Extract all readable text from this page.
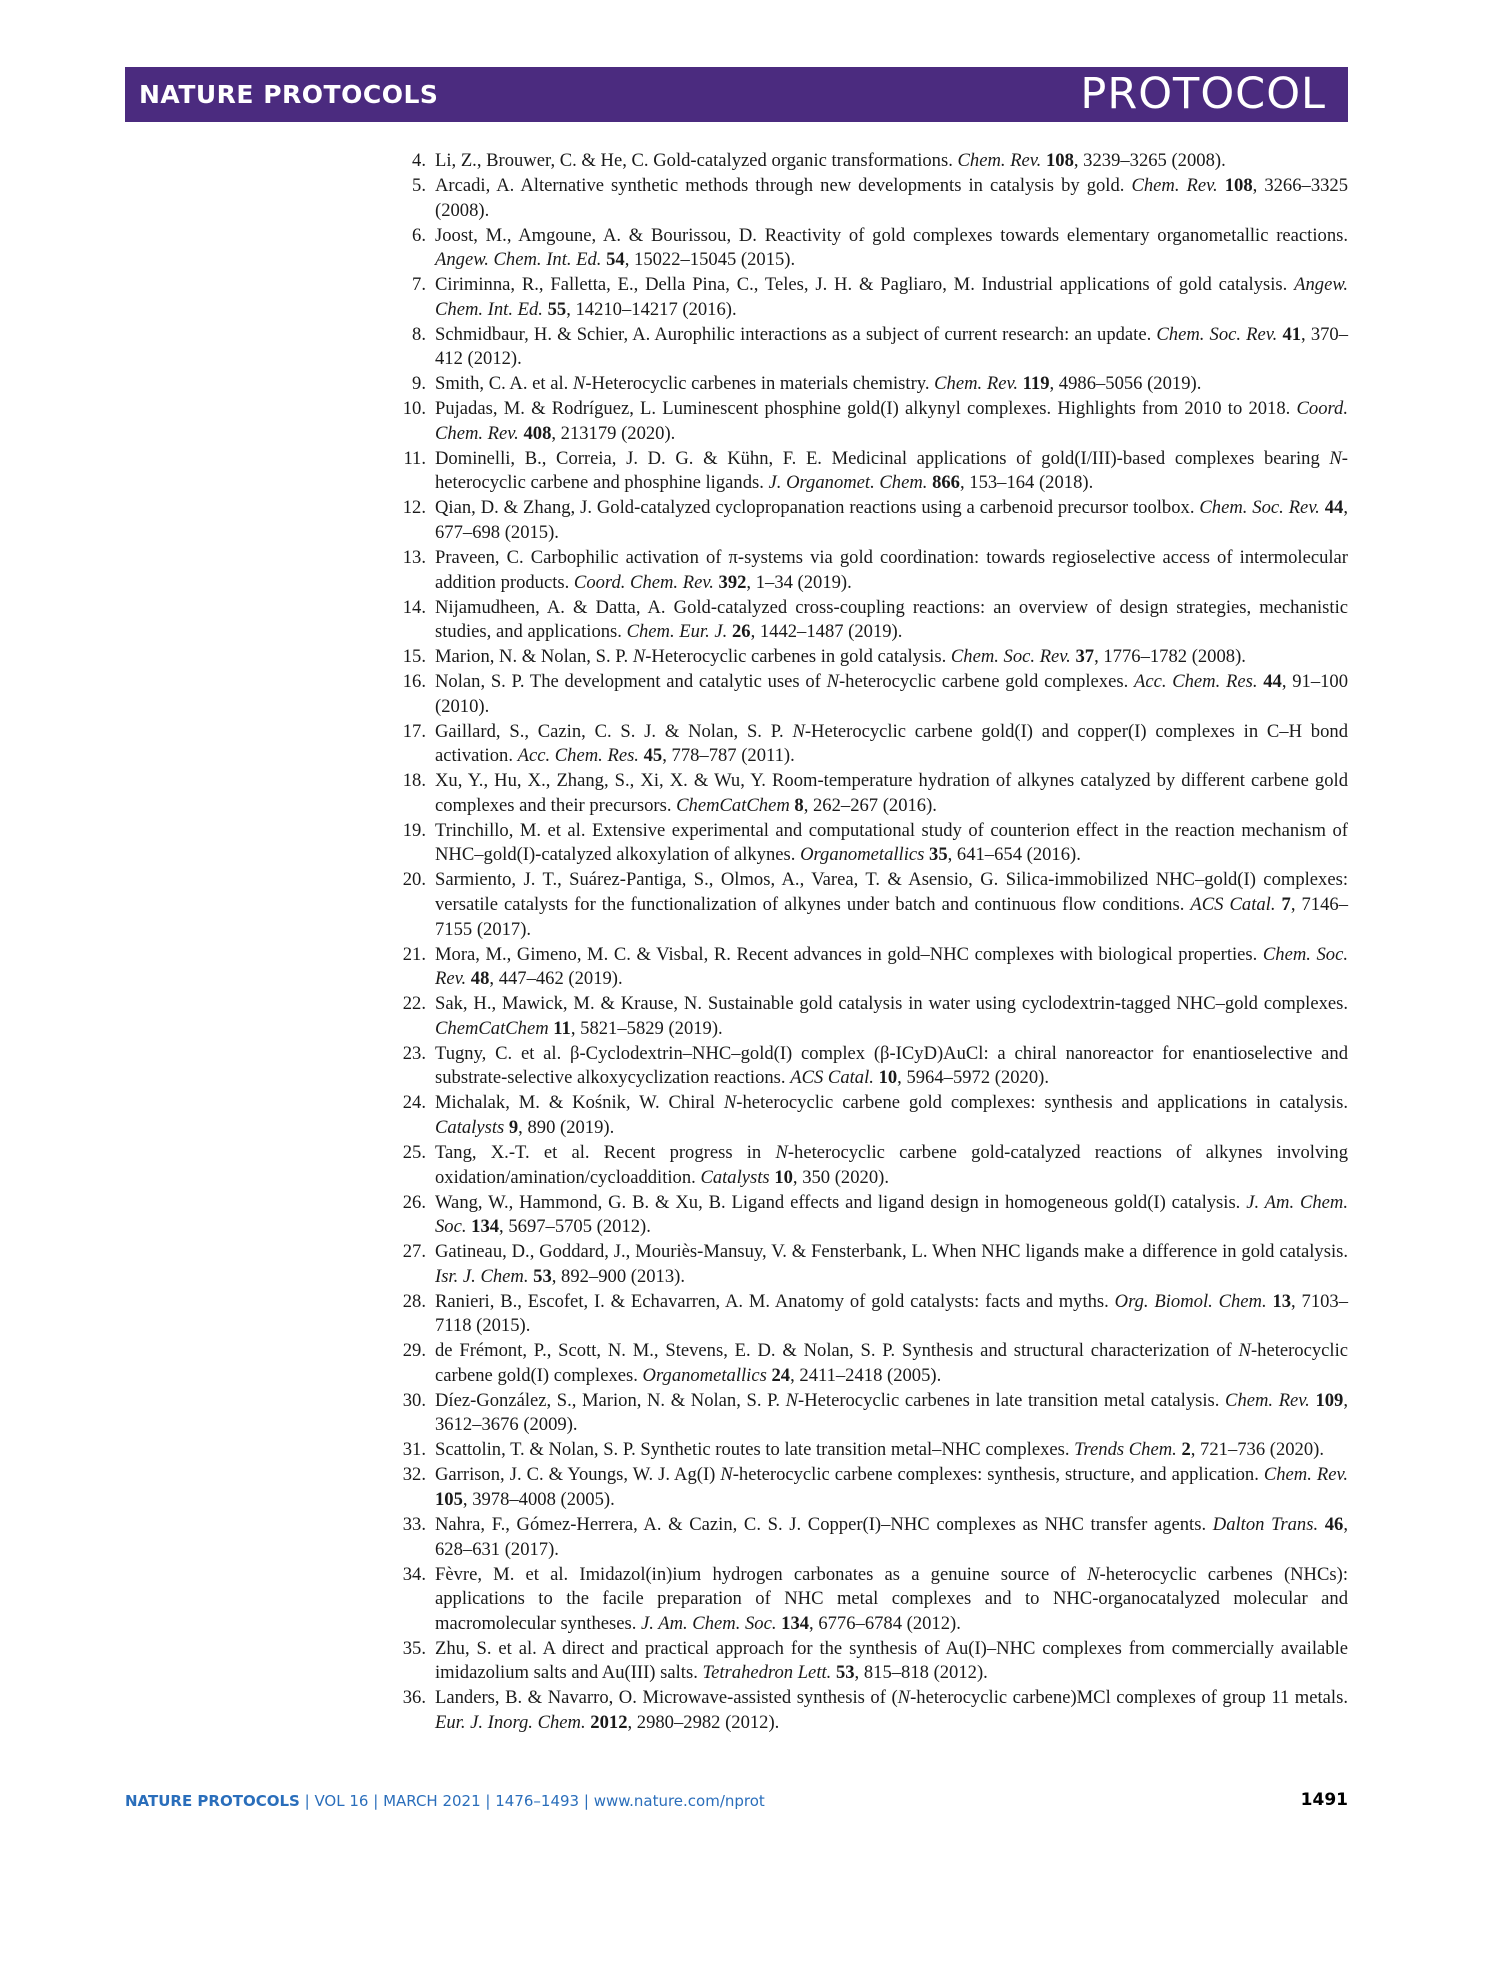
NATURE PROTOCOLS	PROTOCOL
4. Li, Z., Brouwer, C. & He, C. Gold-catalyzed organic transformations. Chem. Rev. 108, 3239–3265 (2008).
5. Arcadi, A. Alternative synthetic methods through new developments in catalysis by gold. Chem. Rev. 108, 3266–3325 (2008).
6. Joost, M., Amgoune, A. & Bourissou, D. Reactivity of gold complexes towards elementary organometallic reactions. Angew. Chem. Int. Ed. 54, 15022–15045 (2015).
7. Ciriminna, R., Falletta, E., Della Pina, C., Teles, J. H. & Pagliaro, M. Industrial applications of gold catalysis. Angew. Chem. Int. Ed. 55, 14210–14217 (2016).
8. Schmidbaur, H. & Schier, A. Aurophilic interactions as a subject of current research: an update. Chem. Soc. Rev. 41, 370–412 (2012).
9. Smith, C. A. et al. N-Heterocyclic carbenes in materials chemistry. Chem. Rev. 119, 4986–5056 (2019).
10. Pujadas, M. & Rodríguez, L. Luminescent phosphine gold(I) alkynyl complexes. Highlights from 2010 to 2018. Coord. Chem. Rev. 408, 213179 (2020).
11. Dominelli, B., Correia, J. D. G. & Kühn, F. E. Medicinal applications of gold(I/III)-based complexes bearing N-heterocyclic carbene and phosphine ligands. J. Organomet. Chem. 866, 153–164 (2018).
12. Qian, D. & Zhang, J. Gold-catalyzed cyclopropanation reactions using a carbenoid precursor toolbox. Chem. Soc. Rev. 44, 677–698 (2015).
13. Praveen, C. Carbophilic activation of π-systems via gold coordination: towards regioselective access of intermolecular addition products. Coord. Chem. Rev. 392, 1–34 (2019).
14. Nijamudheen, A. & Datta, A. Gold-catalyzed cross-coupling reactions: an overview of design strategies, mechanistic studies, and applications. Chem. Eur. J. 26, 1442–1487 (2019).
15. Marion, N. & Nolan, S. P. N-Heterocyclic carbenes in gold catalysis. Chem. Soc. Rev. 37, 1776–1782 (2008).
16. Nolan, S. P. The development and catalytic uses of N-heterocyclic carbene gold complexes. Acc. Chem. Res. 44, 91–100 (2010).
17. Gaillard, S., Cazin, C. S. J. & Nolan, S. P. N-Heterocyclic carbene gold(I) and copper(I) complexes in C–H bond activation. Acc. Chem. Res. 45, 778–787 (2011).
18. Xu, Y., Hu, X., Zhang, S., Xi, X. & Wu, Y. Room-temperature hydration of alkynes catalyzed by different carbene gold complexes and their precursors. ChemCatChem 8, 262–267 (2016).
19. Trinchillo, M. et al. Extensive experimental and computational study of counterion effect in the reaction mechanism of NHC–gold(I)-catalyzed alkoxylation of alkynes. Organometallics 35, 641–654 (2016).
20. Sarmiento, J. T., Suárez-Pantiga, S., Olmos, A., Varea, T. & Asensio, G. Silica-immobilized NHC–gold(I) complexes: versatile catalysts for the functionalization of alkynes under batch and continuous flow conditions. ACS Catal. 7, 7146–7155 (2017).
21. Mora, M., Gimeno, M. C. & Visbal, R. Recent advances in gold–NHC complexes with biological properties. Chem. Soc. Rev. 48, 447–462 (2019).
22. Sak, H., Mawick, M. & Krause, N. Sustainable gold catalysis in water using cyclodextrin-tagged NHC–gold complexes. ChemCatChem 11, 5821–5829 (2019).
23. Tugny, C. et al. β-Cyclodextrin–NHC–gold(I) complex (β-ICyD)AuCl: a chiral nanoreactor for enantioselective and substrate-selective alkoxycyclization reactions. ACS Catal. 10, 5964–5972 (2020).
24. Michalak, M. & Kośnik, W. Chiral N-heterocyclic carbene gold complexes: synthesis and applications in catalysis. Catalysts 9, 890 (2019).
25. Tang, X.-T. et al. Recent progress in N-heterocyclic carbene gold-catalyzed reactions of alkynes involving oxidation/amination/cycloaddition. Catalysts 10, 350 (2020).
26. Wang, W., Hammond, G. B. & Xu, B. Ligand effects and ligand design in homogeneous gold(I) catalysis. J. Am. Chem. Soc. 134, 5697–5705 (2012).
27. Gatineau, D., Goddard, J., Mouriès-Mansuy, V. & Fensterbank, L. When NHC ligands make a difference in gold catalysis. Isr. J. Chem. 53, 892–900 (2013).
28. Ranieri, B., Escofet, I. & Echavarren, A. M. Anatomy of gold catalysts: facts and myths. Org. Biomol. Chem. 13, 7103–7118 (2015).
29. de Frémont, P., Scott, N. M., Stevens, E. D. & Nolan, S. P. Synthesis and structural characterization of N-heterocyclic carbene gold(I) complexes. Organometallics 24, 2411–2418 (2005).
30. Díez-González, S., Marion, N. & Nolan, S. P. N-Heterocyclic carbenes in late transition metal catalysis. Chem. Rev. 109, 3612–3676 (2009).
31. Scattolin, T. & Nolan, S. P. Synthetic routes to late transition metal–NHC complexes. Trends Chem. 2, 721–736 (2020).
32. Garrison, J. C. & Youngs, W. J. Ag(I) N-heterocyclic carbene complexes: synthesis, structure, and application. Chem. Rev. 105, 3978–4008 (2005).
33. Nahra, F., Gómez-Herrera, A. & Cazin, C. S. J. Copper(I)–NHC complexes as NHC transfer agents. Dalton Trans. 46, 628–631 (2017).
34. Fèvre, M. et al. Imidazol(in)ium hydrogen carbonates as a genuine source of N-heterocyclic carbenes (NHCs): applications to the facile preparation of NHC metal complexes and to NHC-organocatalyzed molecular and macromolecular syntheses. J. Am. Chem. Soc. 134, 6776–6784 (2012).
35. Zhu, S. et al. A direct and practical approach for the synthesis of Au(I)–NHC complexes from commercially available imidazolium salts and Au(III) salts. Tetrahedron Lett. 53, 815–818 (2012).
36. Landers, B. & Navarro, O. Microwave-assisted synthesis of (N-heterocyclic carbene)MCl complexes of group 11 metals. Eur. J. Inorg. Chem. 2012, 2980–2982 (2012).
NATURE PROTOCOLS | VOL 16 | MARCH 2021 | 1476–1493 | www.nature.com/nprot	1491
